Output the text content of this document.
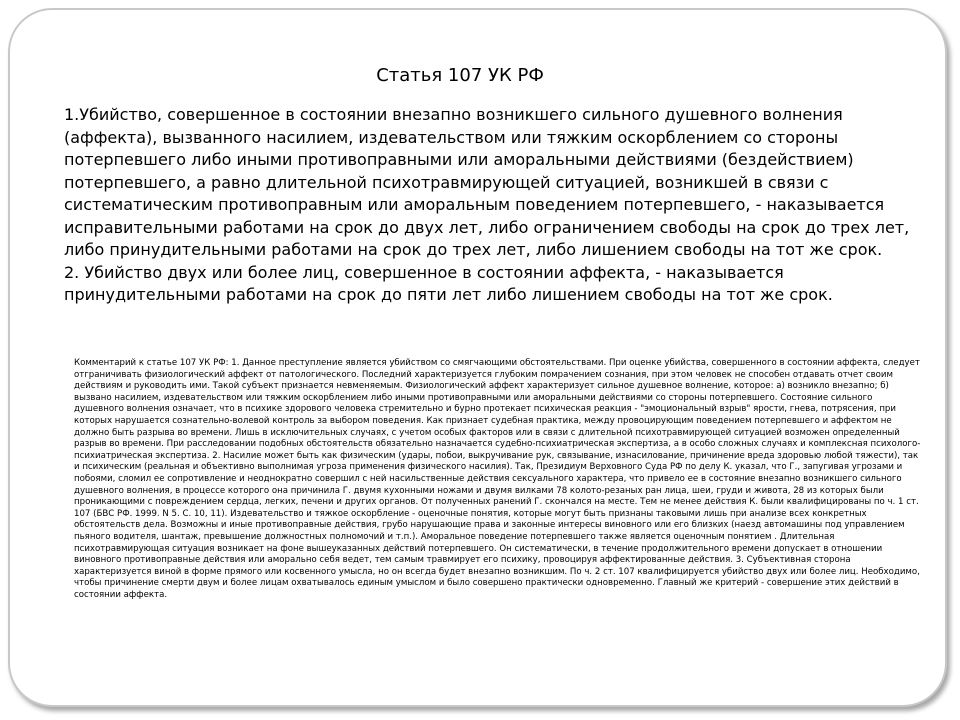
Статья 107 УК РФ

1.Убийство, совершенное в состоянии внезапно возникшего сильного душевного волнения (аффекта), вызванного насилием, издевательством или тяжким оскорблением со стороны потерпевшего либо иными противоправными или аморальными действиями (бездействием) потерпевшего, а равно длительной психотравмирующей ситуацией, возникшей в связи с систематическим противоправным или аморальным поведением потерпевшего, - наказывается исправительными работами на срок до двух лет, либо ограничением свободы на срок до трех лет, либо принудительными работами на срок до трех лет, либо лишением свободы на тот же срок.

2. Убийство двух или более лиц, совершенное в состоянии аффекта, - наказывается принудительными работами на срок до пяти лет либо лишением свободы на тот же срок.

Комментарий к статье 107 УК РФ: 1. Данное преступление является убийством со смягчающими обстоятельствами. При оценке убийства, совершенного в состоянии аффекта, следует отграничивать физиологический аффект от патологического. Последний характеризуется глубоким помрачением сознания, при этом человек не способен отдавать отчет своим действиям и руководить ими. Такой субъект признается невменяемым. Физиологический аффект характеризует сильное душевное волнение, которое: а) возникло внезапно; б) вызвано насилием, издевательством или тяжким оскорблением либо иными противоправными или аморальными действиями со стороны потерпевшего. Состояние сильного душевного волнения означает, что в психике здорового человека стремительно и бурно протекает психическая реакция - "эмоциональный взрыв" ярости, гнева, потрясения, при которых нарушается сознательно-волевой контроль за выбором поведения. Как признает судебная практика, между провоцирующим поведением потерпевшего и аффектом не должно быть разрыва во времени. Лишь в исключительных случаях, с учетом особых факторов или в связи с длительной психотравмирующей ситуацией возможен определенный разрыв во времени. При расследовании подобных обстоятельств обязательно назначается судебно-психиатрическая экспертиза, а в особо сложных случаях и комплексная психолого-психиатрическая экспертиза. 2. Насилие может быть как физическим (удары, побои, выкручивание рук, связывание, изнасилование, причинение вреда здоровью любой тяжести), так и психическим (реальная и объективно выполнимая угроза применения физического насилия). Так, Президиум Верховного Суда РФ по делу К. указал, что Г., запугивая угрозами и побоями, сломил ее сопротивление и неоднократно совершил с ней насильственные действия сексуального характера, что привело ее в состояние внезапно возникшего сильного душевного волнения, в процессе которого она причинила Г. двумя кухонными ножами и двумя вилками 78 колото-резаных ран лица, шеи, груди и живота, 28 из которых были проникающими с повреждением сердца, легких, печени и других органов. От полученных ранений Г. скончался на месте. Тем не менее действия К. были квалифицированы по ч. 1 ст. 107 (БВС РФ. 1999. N 5. С. 10, 11). Издевательство и тяжкое оскорбление - оценочные понятия, которые могут быть признаны таковыми лишь при анализе всех конкретных обстоятельств дела. Возможны и иные противоправные действия, грубо нарушающие права и законные интересы виновного или его близких (наезд автомашины под управлением пьяного водителя, шантаж, превышение должностных полномочий и т.п.). Аморальное поведение потерпевшего также является оценочным понятием . Длительная психотравмирующая ситуация возникает на фоне вышеуказанных действий потерпевшего. Он систематически, в течение продолжительного времени допускает в отношении виновного противоправные действия или аморально себя ведет, тем самым травмирует его психику, провоцируя аффектированные действия. 3. Субъективная сторона характеризуется виной в форме прямого или косвенного умысла, но он всегда будет внезапно возникшим. По ч. 2 ст. 107 квалифицируется убийство двух или более лиц. Необходимо, чтобы причинение смерти двум и более лицам охватывалось единым умыслом и было совершено практически одновременно. Главный же критерий - совершение этих действий в состоянии аффекта.
